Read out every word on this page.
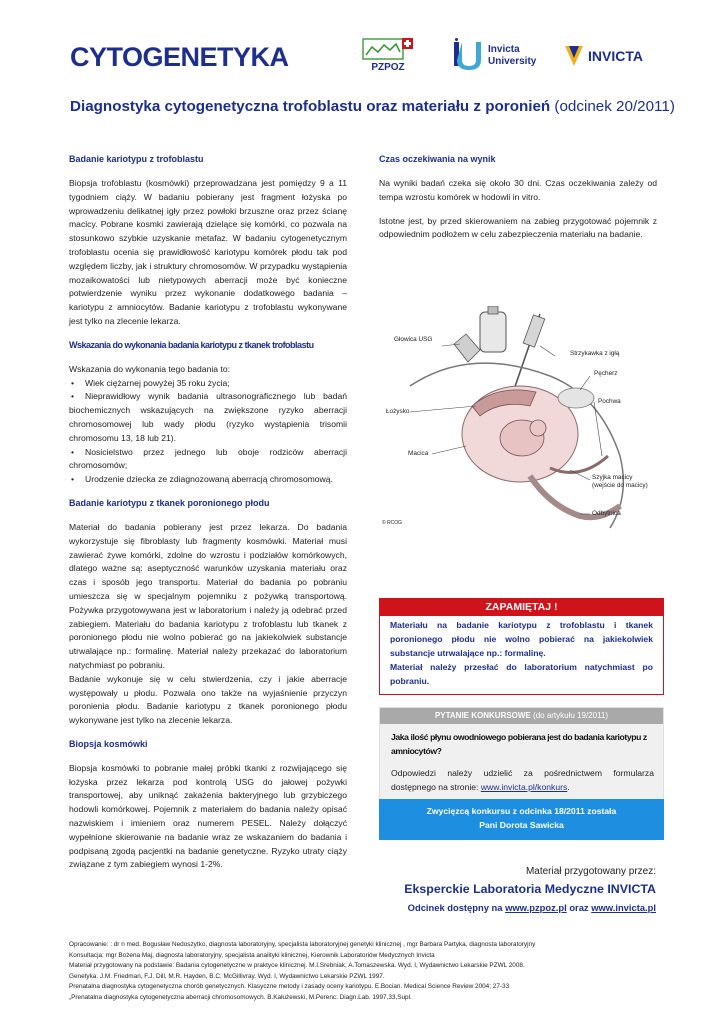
CYTOGENETYKA	PZPOZ
Invicta
University	INVICTA
Diagnostyka cytogenetyczna trofoblastu oraz materiału z poronień (odcinek 20/2011)
Badanie kariotypu z trofoblastu

Biopsja trofoblastu (kosmówki) przeprowadzana jest pomiędzy 9 a 11 tygodniem ciąży. W badaniu pobierany jest fragment łożyska po wprowadzeniu delikatnej igły przez powłoki brzuszne oraz przez ścianę macicy. Pobrane kosmki zawierają dzielące się komórki, co pozwala na stosunkowo szybkie uzyskanie metafaz. W badaniu cytogenetycznym trofoblastu ocenia się prawidłowość kariotypu komórek płodu tak pod względem liczby, jak i struktury chromosomów. W przypadku wystąpienia mozaikowatości lub nietypowych aberracji może być konieczne potwierdzenie wyniku przez wykonanie dodatkowego badania – kariotypu z amniocytów. Badanie kariotypu z trofoblastu wykonywane jest tylko na zlecenie lekarza.

Wskazania do wykonania badania kariotypu z tkanek trofoblastu

Wskazania do wykonania tego badania to:

• Wiek ciężarnej powyżej 35 roku życia;
• Nieprawidłowy wynik badania ultrasonograficznego lub badań biochemicznych wskazujących na zwiększone ryzyko aberracji chromosomowej lub wady płodu (ryzyko wystąpienia trisomii chromosomu 13, 18 lub 21).
• Nosicielstwo przez jednego lub oboje rodziców aberracji chromosomów;
• Urodzenie dziecka ze zdiagnozowaną aberracją chromosomową.
Badanie kariotypu z tkanek poronionego płodu

Materiał do badania pobierany jest przez lekarza. Do badania wykorzystuje się fibroblasty lub fragmenty kosmówki. Materiał musi zawierać żywe komórki, zdolne do wzrostu i podziałów komórkowych, dlatego ważne są: aseptyczność warunków uzyskania materiału oraz czas i sposób jego transportu. Materiał do badania po pobraniu umieszcza się w specjalnym pojemniku z pożywką transportową. Pożywka przygotowywana jest w laboratorium i należy ją odebrać przed zabiegiem. Materiału do badania kariotypu z trofoblastu lub tkanek z poronionego płodu nie wolno pobierać go na jakiekolwiek substancje utrwalające np.: formalinę. Materiał należy przekazać do laboratorium natychmiast po pobraniu.

Badanie wykonuje się w celu stwierdzenia, czy i jakie aberracje występowały u płodu. Pozwala ono także na wyjaśnienie przyczyn poronienia płodu. Badanie kariotypu z tkanek poronionego płodu wykonywane jest tylko na zlecenie lekarza.

Biopsja kosmówki

Biopsja kosmówki to pobranie małej próbki tkanki z rozwijającego się łożyska przez lekarza pod kontrolą USG do jałowej pożywki transportowej, aby uniknąć zakażenia bakteryjnego lub grzybiczego hodowli komórkowej. Pojemnik z materiałem do badania należy opisać nazwiskiem i imieniem oraz numerem PESEL. Należy dołączyć wypełnione skierowanie na badanie wraz ze wskazaniem do badania i podpisaną zgodą pacjentki na badanie genetyczne. Ryzyko utraty ciąży związane z tym zabiegiem wynosi 1-2%.

Czas oczekiwania na wynik

Na wyniki badań czeka się około 30 dni. Czas oczekiwania zależy od tempa wzrostu komórek w hodowli in vitro.

Istotne jest, by przed skierowaniem na zabieg przygotować pojemnik z odpowiednim podłożem w celu zabezpieczenia materiału na badanie.

Głowica USG
Strzykawka z igłą
Pęcherz
Pochwa
Łożysko
Macica
Szyjka macicy
(wejście do macicy)
Odbytnica
© RCOG
ZAPAMIĘTAJ !

Materiału na badanie kariotypu z trofoblastu i tkanek poronionego płodu nie wolno pobierać na jakiekolwiek substancje utrwalające np.: formalinę.

Materiał należy przesłać do laboratorium natychmiast po pobraniu.

PYTANIE KONKURSOWE (do artykułu 19/2011)
Jaka ilość płynu owodniowego pobierana jest do badania kariotypu z amniocytów?
Odpowiedzi należy udzielić za pośrednictwem formularza dostępnego na stronie: www.invicta.pl/konkurs.
Zwycięzcą konkursu z odcinka 18/2011 została
Pani Dorota Sawicka
Materiał przygotowany przez:
Eksperckie Laboratoria Medyczne INVICTA
Odcinek dostępny na www.pzpoz.pl oraz www.invicta.pl
Opracowanie: : dr n med. Bogusław Nedoszytko, diagnosta laboratoryjny, specjalista laboratoryjnej genetyki klinicznej , mgr Barbara Partyka, diagnosta laboratoryjny
Konsultacja: mgr Bożena Maj, diagnosta laboratoryjny, specjalista analityki klinicznej, Kierownik Laboratoriów Medycznych Invicta
Materiał przygotowany na podstawie: Badania cytogenetyczne w praktyce klinicznej. M.I.Srebniak, A.Tomaszewska. Wyd. I, Wydawnictwo Lekarskie PZWL 2008.
Genetyka. J.M. Friedman, F.J. Dill, M.R. Hayden, B.C. McGillivray. Wyd. I, Wydawnictwo Lekarskie PZWL 1997.
Prenatalna diagnostyka cytogenetyczna chorób genetycznych. Klasyczne metody i zasady oceny kariotypu. E.Bocian. Medical Science Review 2004; 27-33
„Prenatalna diagnostyka cytogenetyczna aberracji chromosomowych. B.Kałużewski, M.Perenc: Diagn.Lab. 1997,33,Supl.
